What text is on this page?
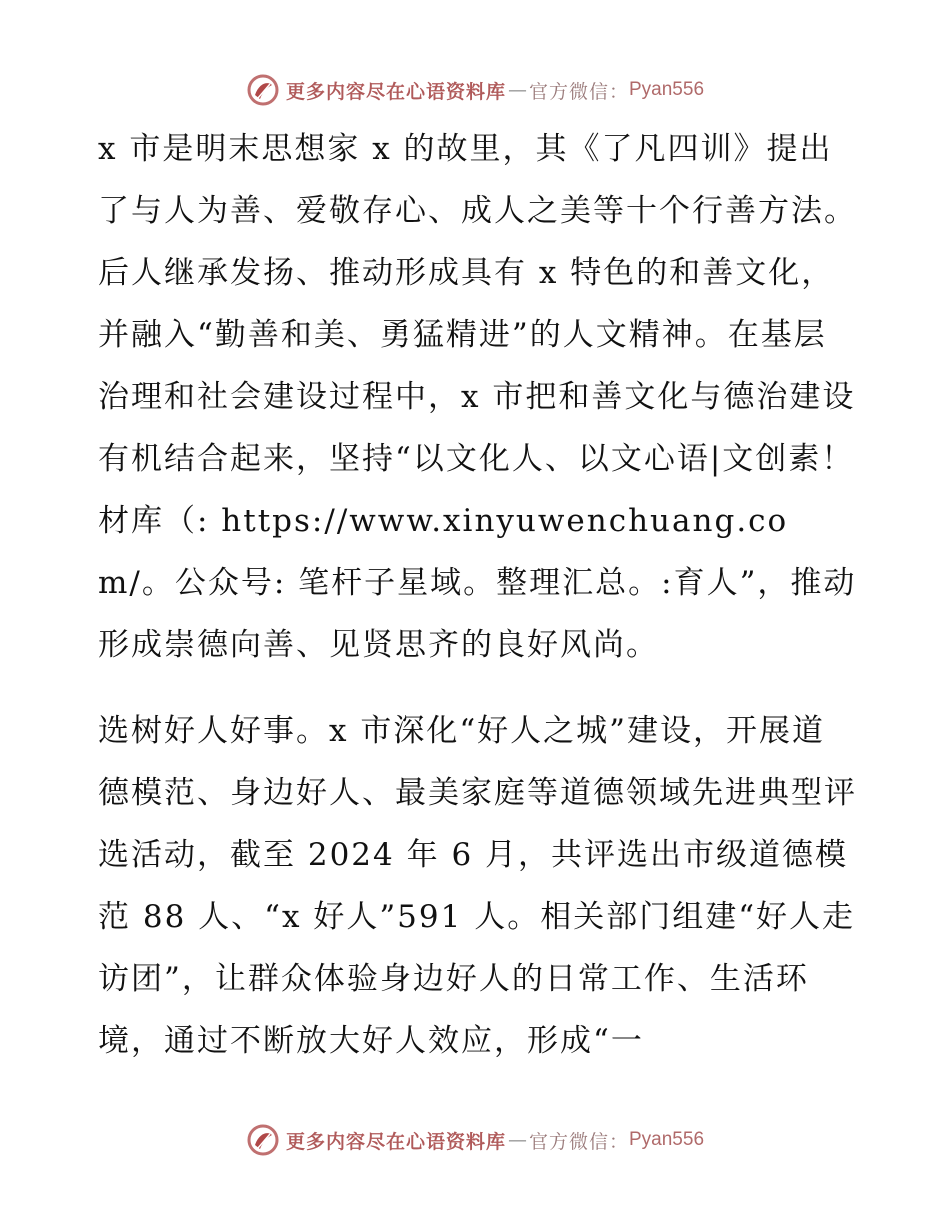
更多内容尽在心语资料库 — 官方微信： Pyan556

x 市是明末思想家 x 的故里，其《了凡四训》提出了与人为善、爱敬存心、成人之美等十个行善方法。后人继承发扬、推动形成具有 x 特色的和善文化，并融入“勤善和美、勇猛精进”的人文精神。在基层治理和社会建设过程中，x 市把和善文化与德治建设有机结合起来，坚持“以文化人、以文心语|文创素！材库（: https://www.xinyuwenchuang.com/。公众号: 笔杆子星域。整理汇总。:育人”，推动形成崇德向善、见贤思齐的良好风尚。

选树好人好事。x 市深化“好人之城”建设，开展道德模范、身边好人、最美家庭等道德领域先进典型评选活动，截至 2024 年 6 月，共评选出市级道德模范 88 人、“x 好人”591 人。相关部门组建“好人走访团”，让群众体验身边好人的日常工作、生活环境，通过不断放大好人效应，形成“一

更多内容尽在心语资料库 — 官方微信： Pyan556
